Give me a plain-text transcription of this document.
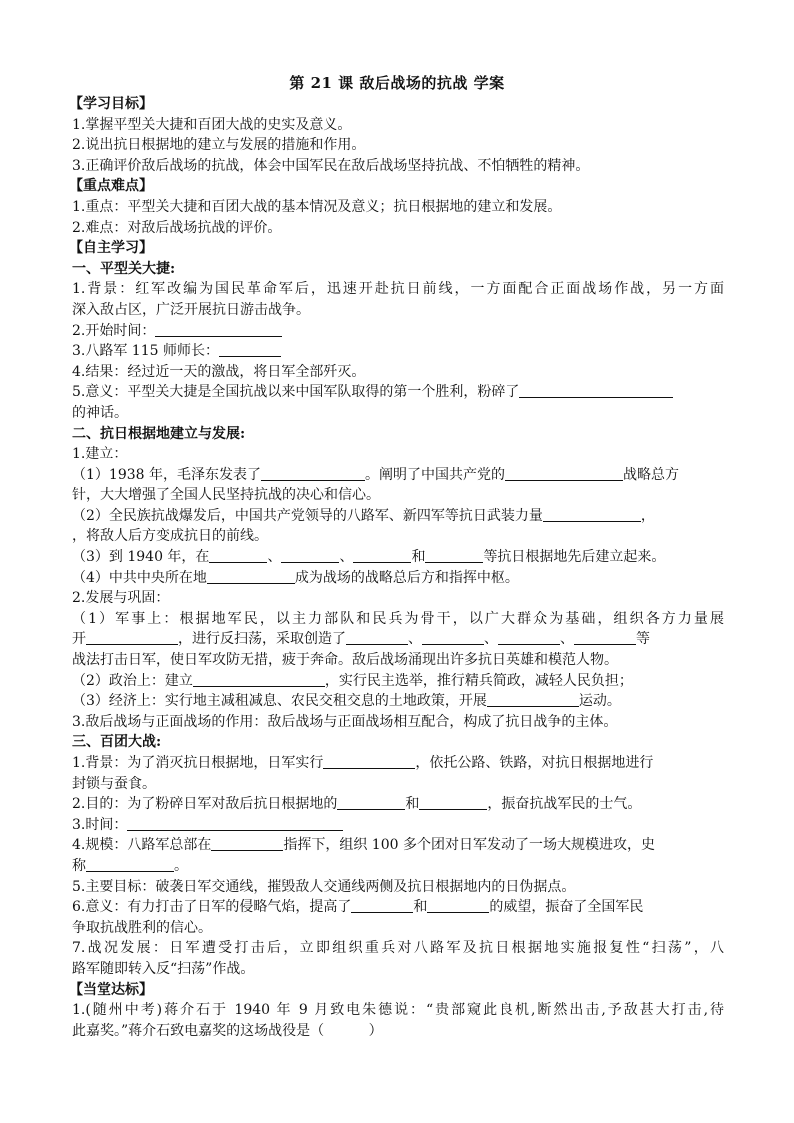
第 21 课 敌后战场的抗战 学案

【学习目标】

1.掌握平型关大捷和百团大战的史实及意义。

2.说出抗日根据地的建立与发展的措施和作用。

3.正确评价敌后战场的抗战，体会中国军民在敌后战场坚持抗战、不怕牺牲的精神。

【重点难点】

1.重点：平型关大捷和百团大战的基本情况及意义；抗日根据地的建立和发展。

2.难点：对敌后战场抗战的评价。

【自主学习】

一、平型关大捷:

1.背景：红军改编为国民革命军后，迅速开赴抗日前线，一方面配合正面战场作战，另一方面

深入敌占区，广泛开展抗日游击战争。

2.开始时间：

3.八路军 115 师师长：

4.结果：经过近一天的激战，将日军全部歼灭。

5.意义：平型关大捷是全国抗战以来中国军队取得的第一个胜利，粉碎了

的神话。

二、抗日根据地建立与发展:

1.建立：

（1）1938 年，毛泽东发表了	。阐明了中国共产党的	战略总方

针，大大增强了全国人民坚持抗战的决心和信心。

（2）全民族抗战爆发后，中国共产党领导的八路军、新四军等抗日武装力量	，

，将敌人后方变成抗日的前线。

（3）到 1940 年，在	、	、	和	等抗日根据地先后建立起来。

（4）中共中央所在地	成为战场的战略总后方和指挥中枢。

2.发展与巩固：

（1）军事上：根据地军民，以主力部队和民兵为骨干，以广大群众为基础，组织各方力量展

开	，进行反扫荡，采取创造了	、	、	、	等

战法打击日军，使日军攻防无措，疲于奔命。敌后战场涌现出许多抗日英雄和模范人物。

（2）政治上：建立	，实行民主选举，推行精兵简政，减轻人民负担；

（3）经济上：实行地主减租减息、农民交租交息的土地政策，开展	运动。

3.敌后战场与正面战场的作用：敌后战场与正面战场相互配合，构成了抗日战争的主体。

三、百团大战:

1.背景：为了消灭抗日根据地，日军实行	，依托公路、铁路，对抗日根据地进行

封锁与蚕食。

2.目的：为了粉碎日军对敌后抗日根据地的	和	，振奋抗战军民的士气。

3.时间：

4.规模：八路军总部在	指挥下，组织 100 多个团对日军发动了一场大规模进攻，史

称	。

5.主要目标：破袭日军交通线，摧毁敌人交通线两侧及抗日根据地内的日伪据点。

6.意义：有力打击了日军的侵略气焰，提高了	和	的威望，振奋了全国军民

争取抗战胜利的信心。

7.战况发展：日军遭受打击后，立即组织重兵对八路军及抗日根据地实施报复性“扫荡”，八

路军随即转入反“扫荡”作战。

【当堂达标】

1.(随州中考)蒋介石于 1940 年 9 月致电朱德说：“贵部窥此良机,断然出击,予敌甚大打击,待

此嘉奖。”蒋介石致电嘉奖的这场战役是（          ）
